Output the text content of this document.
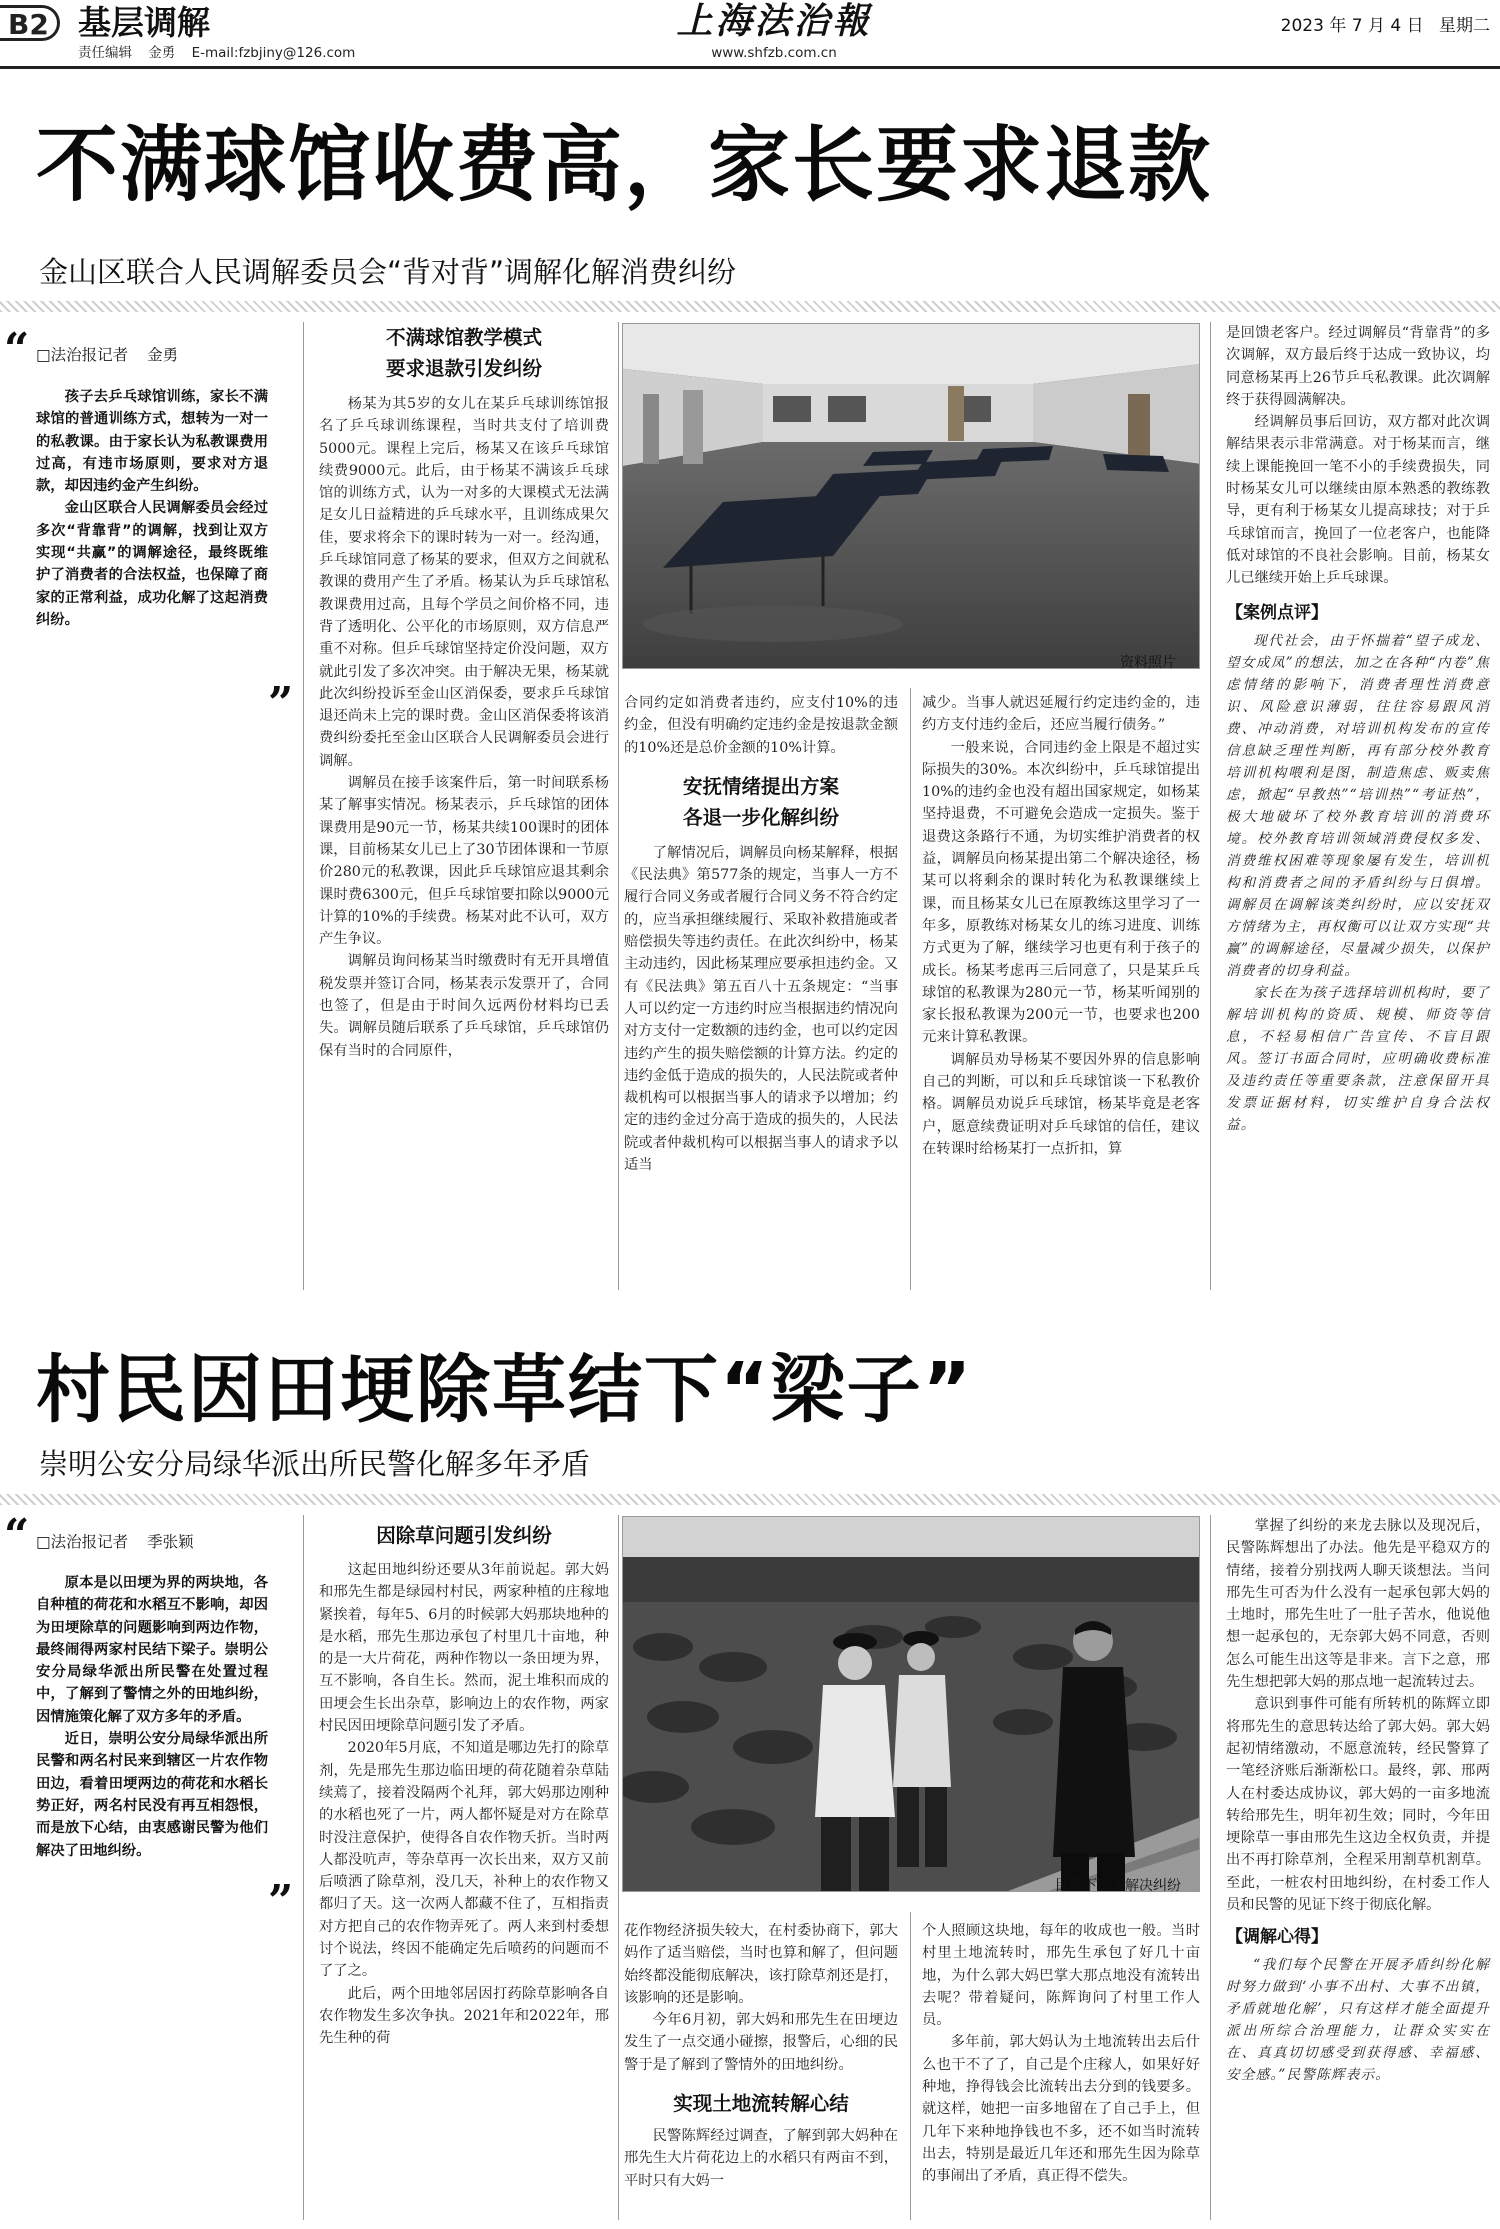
B2 基层调解
责任编辑 金勇 E-mail:fzbjiny@126.com
上海法治報
www.shfzb.com.cn
2023 年 7 月 4 日 星期二
不满球馆收费高，家长要求退款
金山区联合人民调解委员会“背对背”调解化解消费纠纷
“ □法治报记者 金勇

孩子去乒乓球馆训练，家长不满球馆的普通训练方式，想转为一对一的私教课。由于家长认为私教课费用过高，有违市场原则，要求对方退款，却因违约金产生纠纷。

金山区联合人民调解委员会经过多次“背靠背”的调解，找到让双方实现“共赢”的调解途径，最终既维护了消费者的合法权益，也保障了商家的正常利益，成功化解了这起消费纠纷。

”
不满球馆教学模式
要求退款引发纠纷

杨某为其5岁的女儿在某乒乓球训练馆报名了乒乓球训练课程，当时共支付了培训费5000元。课程上完后，杨某又在该乒乓球馆续费9000元。此后，由于杨某不满该乒乓球馆的训练方式，认为一对多的大课模式无法满足女儿日益精进的乒乓球水平，且训练成果欠佳，要求将余下的课时转为一对一。经沟通，乒乓球馆同意了杨某的要求，但双方之间就私教课的费用产生了矛盾。杨某认为乒乓球馆私教课费用过高，且每个学员之间价格不同，违背了透明化、公平化的市场原则，双方信息严重不对称。但乒乓球馆坚持定价没问题，双方就此引发了多次冲突。由于解决无果，杨某就此次纠纷投诉至金山区消保委，要求乒乓球馆退还尚未上完的课时费。金山区消保委将该消费纠纷委托至金山区联合人民调解委员会进行调解。

调解员在接手该案件后，第一时间联系杨某了解事实情况。杨某表示，乒乓球馆的团体课费用是90元一节，杨某共续100课时的团体课，目前杨某女儿已上了30节团体课和一节原价280元的私教课，因此乒乓球馆应退其剩余课时费6300元，但乒乓球馆要扣除以9000元计算的10%的手续费。杨某对此不认可，双方产生争议。

调解员询问杨某当时缴费时有无开具增值税发票并签订合同，杨某表示发票开了，合同也签了，但是由于时间久远两份材料均已丢失。调解员随后联系了乒乓球馆，乒乓球馆仍保有当时的合同原件，

资料照片

合同约定如消费者违约，应支付10%的违约金，但没有明确约定违约金是按退款金额的10%还是总价金额的10%计算。

安抚情绪提出方案
各退一步化解纠纷

了解情况后，调解员向杨某解释，根据《民法典》第577条的规定，当事人一方不履行合同义务或者履行合同义务不符合约定的，应当承担继续履行、采取补救措施或者赔偿损失等违约责任。在此次纠纷中，杨某主动违约，因此杨某理应要承担违约金。又有《民法典》第五百八十五条规定：“当事人可以约定一方违约时应当根据违约情况向对方支付一定数额的违约金，也可以约定因违约产生的损失赔偿额的计算方法。约定的违约金低于造成的损失的，人民法院或者仲裁机构可以根据当事人的请求予以增加；约定的违约金过分高于造成的损失的，人民法院或者仲裁机构可以根据当事人的请求予以适当

减少。当事人就迟延履行约定违约金的，违约方支付违约金后，还应当履行债务。”

一般来说，合同违约金上限是不超过实际损失的30%。本次纠纷中，乒乓球馆提出10%的违约金也没有超出国家规定，如杨某坚持退费，不可避免会造成一定损失。鉴于退费这条路行不通，为切实维护消费者的权益，调解员向杨某提出第二个解决途径，杨某可以将剩余的课时转化为私教课继续上课，而且杨某女儿已在原教练这里学习了一年多，原教练对杨某女儿的练习进度、训练方式更为了解，继续学习也更有利于孩子的成长。杨某考虑再三后同意了，只是某乒乓球馆的私教课为280元一节，杨某听闻别的家长报私教课为200元一节，也要求也200元来计算私教课。

调解员劝导杨某不要因外界的信息影响自己的判断，可以和乒乓球馆谈一下私教价格。调解员劝说乒乓球馆，杨某毕竟是老客户，愿意续费证明对乒乓球馆的信任，建议在转课时给杨某打一点折扣，算

是回馈老客户。经过调解员“背靠背”的多次调解，双方最后终于达成一致协议，均同意杨某再上26节乒乓私教课。此次调解终于获得圆满解决。

经调解员事后回访，双方都对此次调解结果表示非常满意。对于杨某而言，继续上课能挽回一笔不小的手续费损失，同时杨某女儿可以继续由原本熟悉的教练教导，更有利于杨某女儿提高球技；对于乒乓球馆而言，挽回了一位老客户，也能降低对球馆的不良社会影响。目前，杨某女儿已继续开始上乒乓球课。

【案例点评】

现代社会，由于怀揣着“望子成龙、望女成凤”的想法，加之在各种“内卷”焦虑情绪的影响下，消费者理性消费意识、风险意识薄弱，往往容易跟风消费、冲动消费，对培训机构发布的宣传信息缺乏理性判断，再有部分校外教育培训机构喂利是图，制造焦虑、贩卖焦虑，掀起“早教热”“培训热”“考证热”，极大地破坏了校外教育培训的消费环境。校外教育培训领域消费侵权多发、消费维权困难等现象屡有发生，培训机构和消费者之间的矛盾纠纷与日俱增。调解员在调解该类纠纷时，应以安抚双方情绪为主，再权衡可以让双方实现“共赢”的调解途径，尽量减少损失，以保护消费者的切身利益。

家长在为孩子选择培训机构时，要了解培训机构的资质、规模、师资等信息，不轻易相信广告宣传、不盲目跟风。签订书面合同时，应明确收费标准及违约责任等重要条款，注意保留开具发票证据材料，切实维护自身合法权益。

村民因田埂除草结下“梁子”
崇明公安分局绿华派出所民警化解多年矛盾
“ □法治报记者 季张颖

原本是以田埂为界的两块地，各自种植的荷花和水稻互不影响，却因为田埂除草的问题影响到两边作物，最终闹得两家村民结下梁子。崇明公安分局绿华派出所民警在处置过程中，了解到了警情之外的田地纠纷，因情施策化解了双方多年的矛盾。

近日，崇明公安分局绿华派出所民警和两名村民来到辖区一片农作物田边，看着田埂两边的荷花和水稻长势正好，两名村民没有再互相怨恨，而是放下心结，由衷感谢民警为他们解决了田地纠纷。

”
因除草问题引发纠纷

这起田地纠纷还要从3年前说起。郭大妈和邢先生都是绿园村村民，两家种植的庄稼地紧挨着，每年5、6月的时候郭大妈那块地种的是水稻，邢先生那边承包了村里几十亩地，种的是一大片荷花，两种作物以一条田埂为界，互不影响，各自生长。然而，泥土堆积而成的田埂会生长出杂草，影响边上的农作物，两家村民因田埂除草问题引发了矛盾。

2020年5月底，不知道是哪边先打的除草剂，先是邢先生那边临田埂的荷花随着杂草陆续蔫了，接着没隔两个礼拜，郭大妈那边刚种的水稻也死了一片，两人都怀疑是对方在除草时没注意保护，使得各自农作物夭折。当时两人都没吭声，等杂草再一次长出来，双方又前后喷洒了除草剂，没几天，补种上的农作物又都归了天。这一次两人都藏不住了，互相指责对方把自己的农作物弄死了。两人来到村委想讨个说法，终因不能确定先后喷药的问题而不了了之。

此后，两个田地邻居因打药除草影响各自农作物发生多次争执。2021年和2022年，邢先生种的荷

民警下田头解决纠纷

花作物经济损失较大，在村委协商下，郭大妈作了适当赔偿，当时也算和解了，但问题始终都没能彻底解决，该打除草剂还是打，该影响的还是影响。

今年6月初，郭大妈和邢先生在田埂边发生了一点交通小碰擦，报警后，心细的民警于是了解到了警情外的田地纠纷。

实现土地流转解心结

民警陈辉经过调查，了解到郭大妈种在邢先生大片荷花边上的水稻只有两亩不到，平时只有大妈一

个人照顾这块地，每年的收成也一般。当时村里土地流转时，邢先生承包了好几十亩地，为什么郭大妈巴掌大那点地没有流转出去呢？带着疑问，陈辉询问了村里工作人员。

多年前，郭大妈认为土地流转出去后什么也干不了了，自己是个庄稼人，如果好好种地，挣得钱会比流转出去分到的钱要多。就这样，她把一亩多地留在了自己手上，但几年下来种地挣钱也不多，还不如当时流转出去，特别是最近几年还和邢先生因为除草的事闹出了矛盾，真正得不偿失。

掌握了纠纷的来龙去脉以及现况后，民警陈辉想出了办法。他先是平稳双方的情绪，接着分别找两人聊天谈想法。当问邢先生可否为什么没有一起承包郭大妈的土地时，邢先生吐了一肚子苦水，他说他想一起承包的，无奈郭大妈不同意，否则怎么可能生出这等是非来。言下之意，邢先生想把郭大妈的那点地一起流转过去。

意识到事件可能有所转机的陈辉立即将邢先生的意思转达给了郭大妈。郭大妈起初情绪激动，不愿意流转，经民警算了一笔经济账后渐渐松口。最终，郭、邢两人在村委达成协议，郭大妈的一亩多地流转给邢先生，明年初生效；同时，今年田埂除草一事由邢先生这边全权负责，并提出不再打除草剂，全程采用割草机割草。至此，一桩农村田地纠纷，在村委工作人员和民警的见证下终于彻底化解。

【调解心得】

“我们每个民警在开展矛盾纠纷化解时努力做到‘小事不出村、大事不出镇，矛盾就地化解’，只有这样才能全面提升派出所综合治理能力，让群众实实在在、真真切切感受到获得感、幸福感、安全感。”民警陈辉表示。
